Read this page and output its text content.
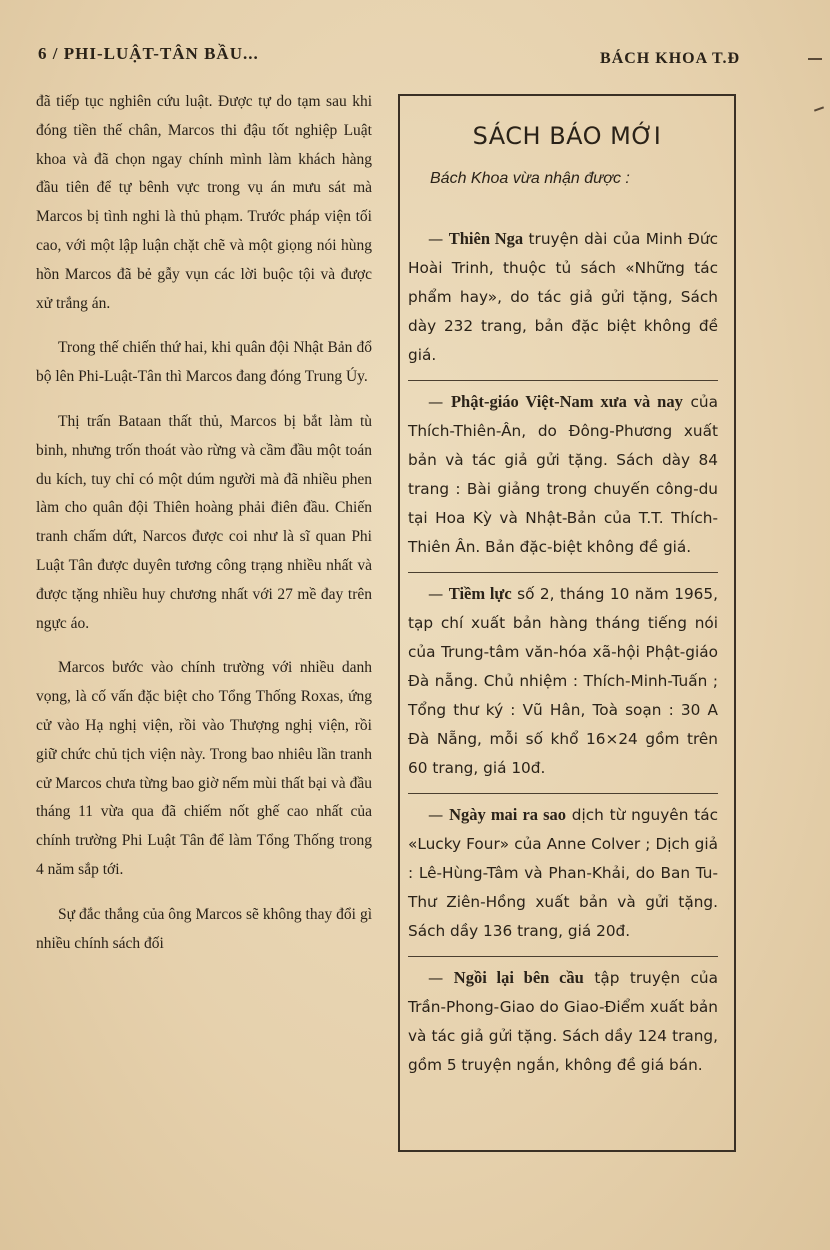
6 / PHI-LUẬT-TÂN BẦU...	BÁCH KHOA T.Đ

đã tiếp tục nghiên cứu luật. Được tự do tạm sau khi đóng tiền thế chân, Marcos thi đậu tốt nghiệp Luật khoa và đã chọn ngay chính mình làm khách hàng đầu tiên để tự bênh vực trong vụ án mưu sát mà Marcos bị tình nghi là thủ phạm. Trước pháp viện tối cao, với một lập luận chặt chẽ và một giọng nói hùng hồn Marcos đã bẻ gẫy vụn các lời buộc tội và được xử trắng án.

Trong thế chiến thứ hai, khi quân đội Nhật Bản đổ bộ lên Phi-Luật-Tân thì Marcos đang đóng Trung Úy.

Thị trấn Bataan thất thủ, Marcos bị bắt làm tù binh, nhưng trốn thoát vào rừng và cầm đầu một toán du kích, tuy chỉ có một dúm người mà đã nhiều phen làm cho quân đội Thiên hoàng phải điên đầu. Chiến tranh chấm dứt, Narcos được coi như là sĩ quan Phi Luật Tân được duyên tương công trạng nhiều nhất và được tặng nhiều huy chương nhất với 27 mề đay trên ngực áo.

Marcos bước vào chính trường với nhiều danh vọng, là cố vấn đặc biệt cho Tổng Thống Roxas, ứng cử vào Hạ nghị viện, rồi vào Thượng nghị viện, rồi giữ chức chủ tịch viện này. Trong bao nhiêu lần tranh cử Marcos chưa từng bao giờ nếm mùi thất bại và đầu tháng 11 vừa qua đã chiếm nốt ghế cao nhất của chính trường Phi Luật Tân để làm Tổng Thống trong 4 năm sắp tới.

Sự đắc thắng của ông Marcos sẽ không thay đổi gì nhiều chính sách đối

SÁCH BÁO MỚI
Bách Khoa vừa nhận được :
— Thiên Nga truyện dài của Minh Đức Hoài Trinh, thuộc tủ sách «Những tác phẩm hay», do tác giả gửi tặng, Sách dày 232 trang, bản đặc biệt không đề giá.
— Phật-giáo Việt-Nam xưa và nay của Thích-Thiên-Ân, do Đông-Phương xuất bản và tác giả gửi tặng. Sách dày 84 trang : Bài giảng trong chuyến công-du tại Hoa Kỳ và Nhật-Bản của T.T. Thích-Thiên Ân. Bản đặc-biệt không đề giá.
— Tiềm lực số 2, tháng 10 năm 1965, tạp chí xuất bản hàng tháng tiếng nói của Trung-tâm văn-hóa xã-hội Phật-giáo Đà nẵng. Chủ nhiệm : Thích-Minh-Tuấn ; Tổng thư ký : Vũ Hân, Toà soạn : 30 A Đà Nẵng, mỗi số khổ 16×24 gồm trên 60 trang, giá 10đ.
— Ngày mai ra sao dịch từ nguyên tác «Lucky Four» của Anne Colver ; Dịch giả : Lê-Hùng-Tâm và Phan-Khải, do Ban Tu-Thư Ziên-Hồng xuất bản và gửi tặng. Sách dầy 136 trang, giá 20đ.
— Ngồi lại bên cầu tập truyện của Trần-Phong-Giao do Giao-Điểm xuất bản và tác giả gửi tặng. Sách dầy 124 trang, gồm 5 truyện ngắn, không đề giá bán.
